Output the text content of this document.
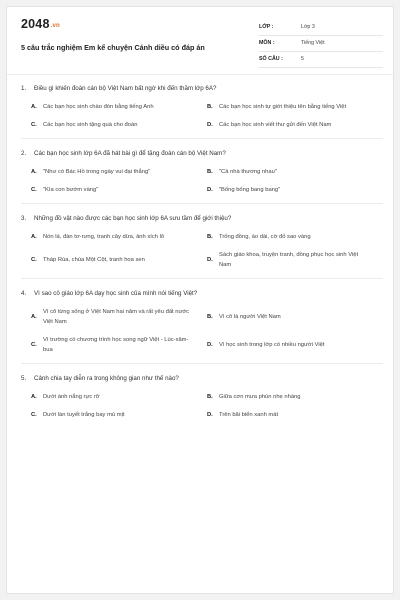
2048.vn
5 câu trắc nghiệm Em kể chuyện Cánh diều có đáp án
LỚP :	Lớp 3
MÔN :	Tiếng Việt
SỐ CÂU :	5
1. Điều gì khiến đoàn cán bộ Việt Nam bất ngờ khi đến thăm lớp 6A?
A.	Các bạn học sinh chào đón bằng tiếng Anh	B.	Các bạn học sinh tự giới thiệu tên bằng tiếng Việt
C.	Các bạn học sinh tặng quà cho đoàn	D.	Các bạn học sinh viết thư gửi đến Việt Nam
2. Các bạn học sinh lớp 6A đã hát bài gì để tặng đoàn cán bộ Việt Nam?
A.	"Như có Bác Hồ trong ngày vui đại thắng"	B.	"Cả nhà thương nhau"
C.	"Kìa con bướm vàng"	D.	"Bống bống bang bang"
3. Những đồ vật nào được các bạn học sinh lớp 6A sưu tầm để giới thiệu?
A.	Nón lá, đàn tơ-rưng, tranh cây dừa, ảnh xích lô	B.	Trống đồng, áo dài, cờ đỏ sao vàng
C.	Tháp Rùa, chùa Một Cột, tranh hoa sen	D.
Sách giáo khoa, truyện tranh, đồng phục học sinh Việt Nam
4. Vì sao cô giáo lớp 6A dạy học sinh của mình nói tiếng Việt?
A.
Vì cô từng sống ở Việt Nam hai năm và rất yêu đất nước Việt Nam
B.	Vì cô là người Việt Nam
C.
Vì trường có chương trình học song ngữ Việt - Lúc-xăm-bua
D.	Vì học sinh trong lớp có nhiều người Việt
5. Cảnh chia tay diễn ra trong không gian như thế nào?
A.	Dưới ánh nắng rực rỡ	B.	Giữa cơn mưa phùn nhẹ nhàng
C.	Dưới làn tuyết trắng bay mù mịt	D.	Trên bãi biển xanh mát
